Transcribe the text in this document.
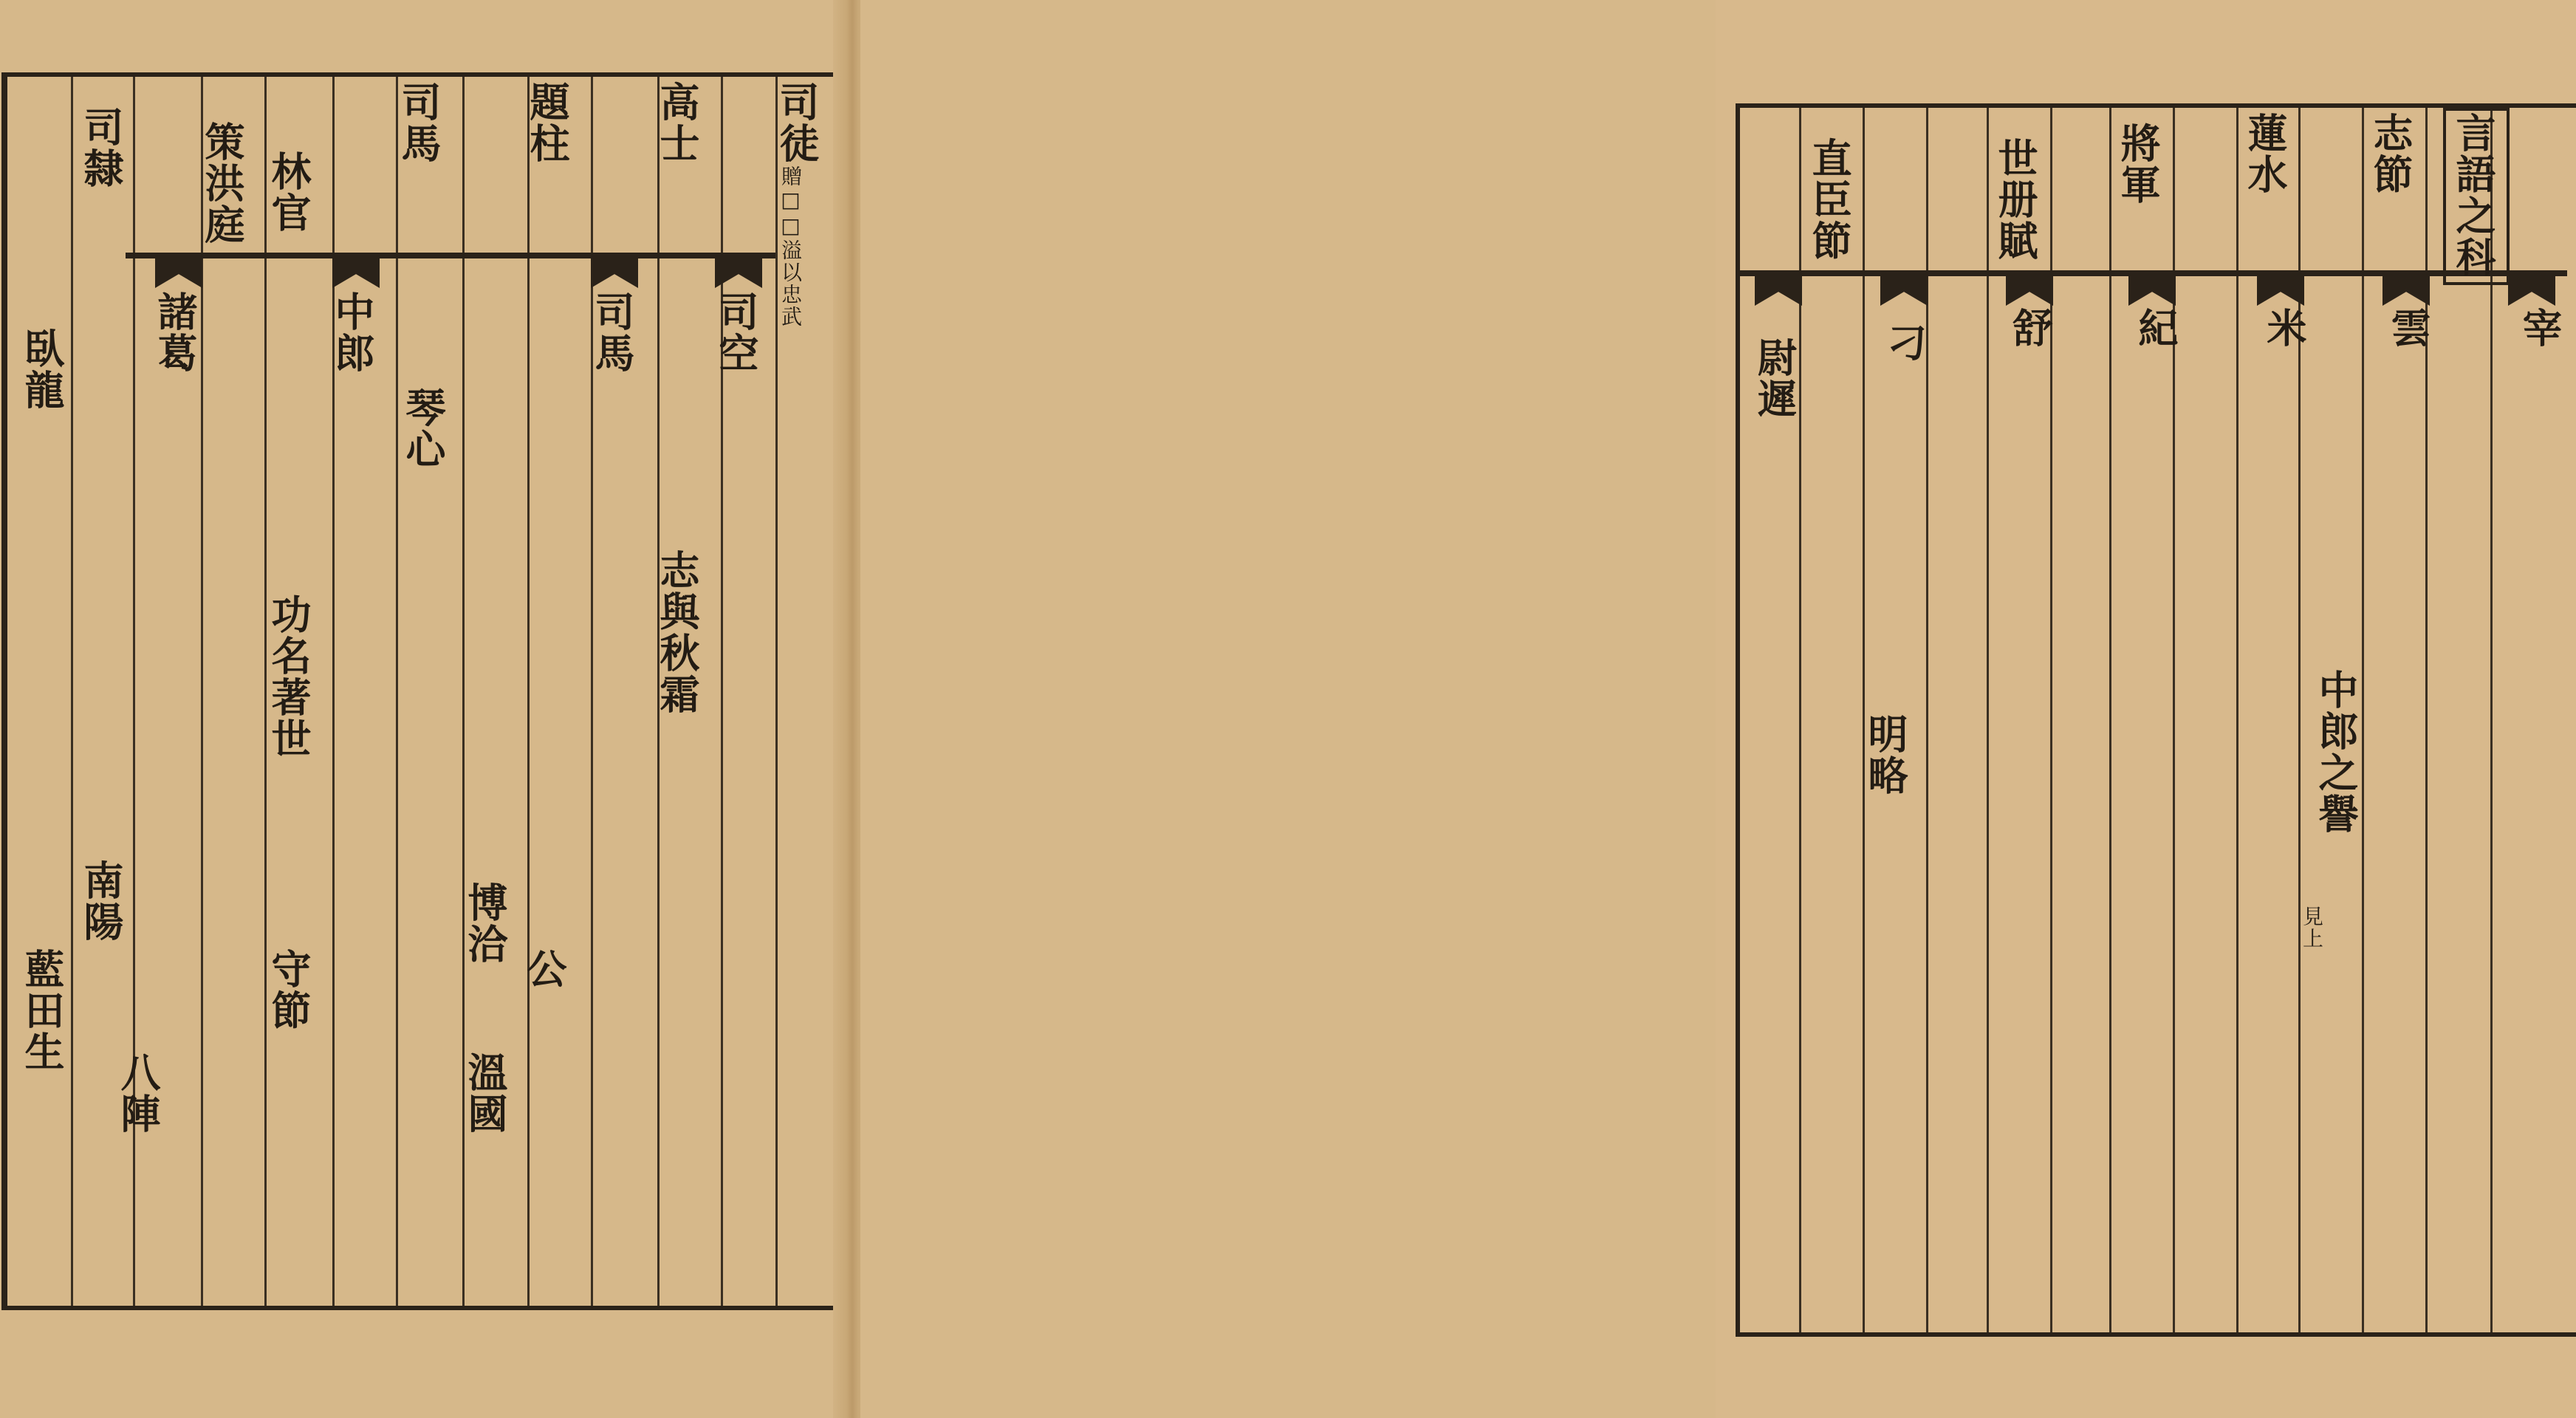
司徒
贈□□溢以忠武
高士
司空
題柱
司馬
司馬
琴心
林官
中郎
策洪庭
諸葛
司隸
臥龍
志與秋霜
功名著世
守節
南陽
八陣
藍田生
溫國
博洽
公
言語之科
宰
志節
雲
蓮水
米
將軍
紀
世册賦
舒
直臣節
刁
尉遲
中郎之譽
明略
見上
